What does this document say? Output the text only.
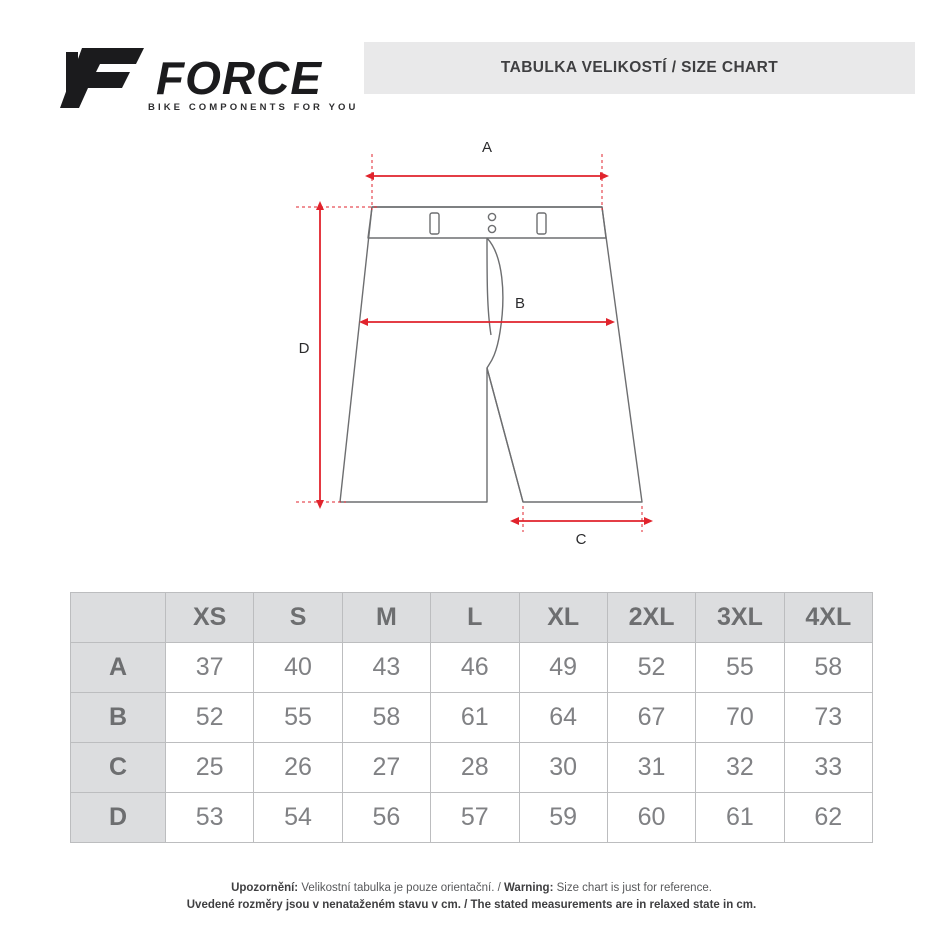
TABULKA VELIKOSTÍ / SIZE CHART
FORCE
BIKE COMPONENTS FOR YOU
A
B
C
D
	XS	S	M	L	XL	2XL	3XL	4XL
A	37	40	43	46	49	52	55	58
B	52	55	58	61	64	67	70	73
C	25	26	27	28	30	31	32	33
D	53	54	56	57	59	60	61	62
Upozornění: Velikostní tabulka je pouze orientační. / Warning: Size chart is just for reference.
Uvedené rozměry jsou v nenataženém stavu v cm. / The stated measurements are in relaxed state in cm.
